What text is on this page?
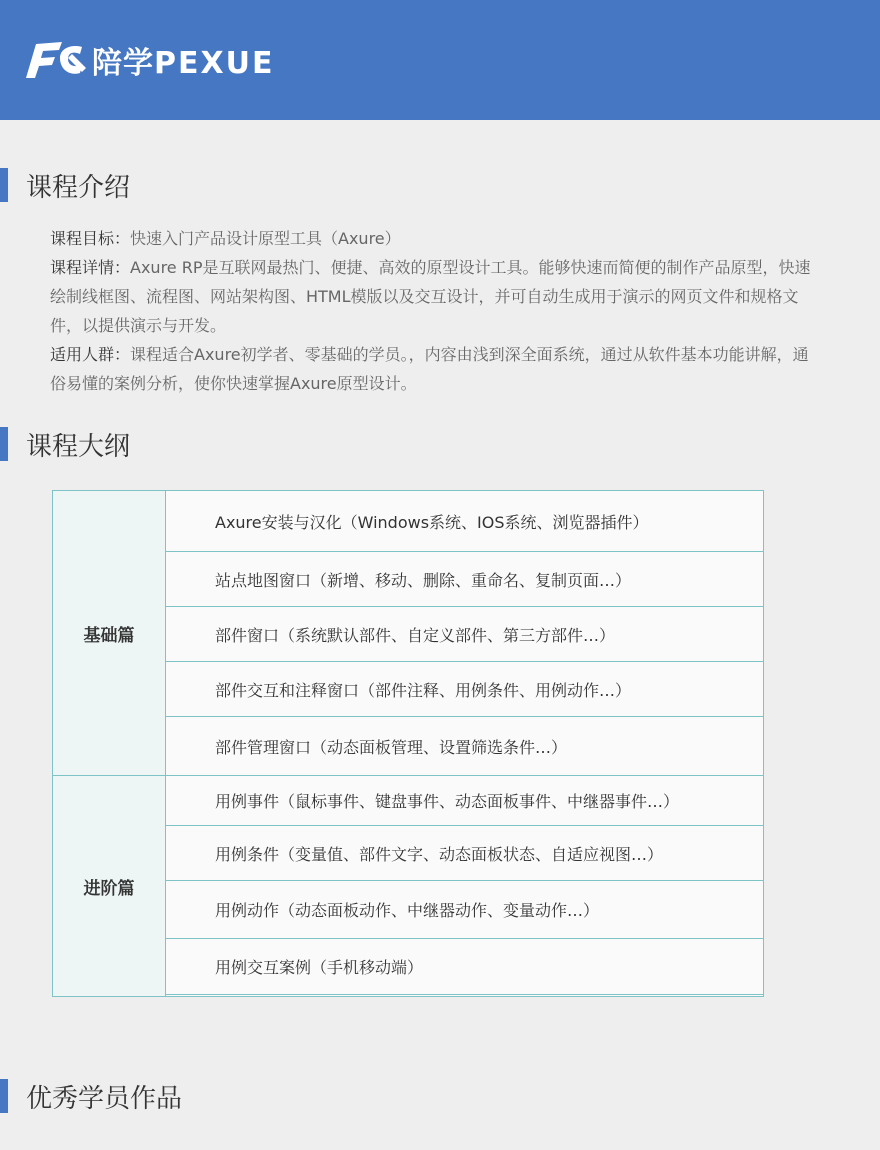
陪学PEXUE
课程介绍

课程目标：快速入门产品设计原型工具（Axure）

课程详情：Axure RP是互联网最热门、便捷、高效的原型设计工具。能够快速而简便的制作产品原型，快速绘制线框图、流程图、网站架构图、HTML模版以及交互设计，并可自动生成用于演示的网页文件和规格文件，以提供演示与开发。

适用人群：课程适合Axure初学者、零基础的学员。，内容由浅到深全面系统，通过从软件基本功能讲解，通俗易懂的案例分析，使你快速掌握Axure原型设计。

课程大纲
基础篇
Axure安装与汉化（Windows系统、IOS系统、浏览器插件）
站点地图窗口（新增、移动、删除、重命名、复制页面…）
部件窗口（系统默认部件、自定义部件、第三方部件…）
部件交互和注释窗口（部件注释、用例条件、用例动作…）
部件管理窗口（动态面板管理、设置筛选条件…）
进阶篇
用例事件（鼠标事件、键盘事件、动态面板事件、中继器事件…）
用例条件（变量值、部件文字、动态面板状态、自适应视图…）
用例动作（动态面板动作、中继器动作、变量动作…）
用例交互案例（手机移动端）
优秀学员作品
